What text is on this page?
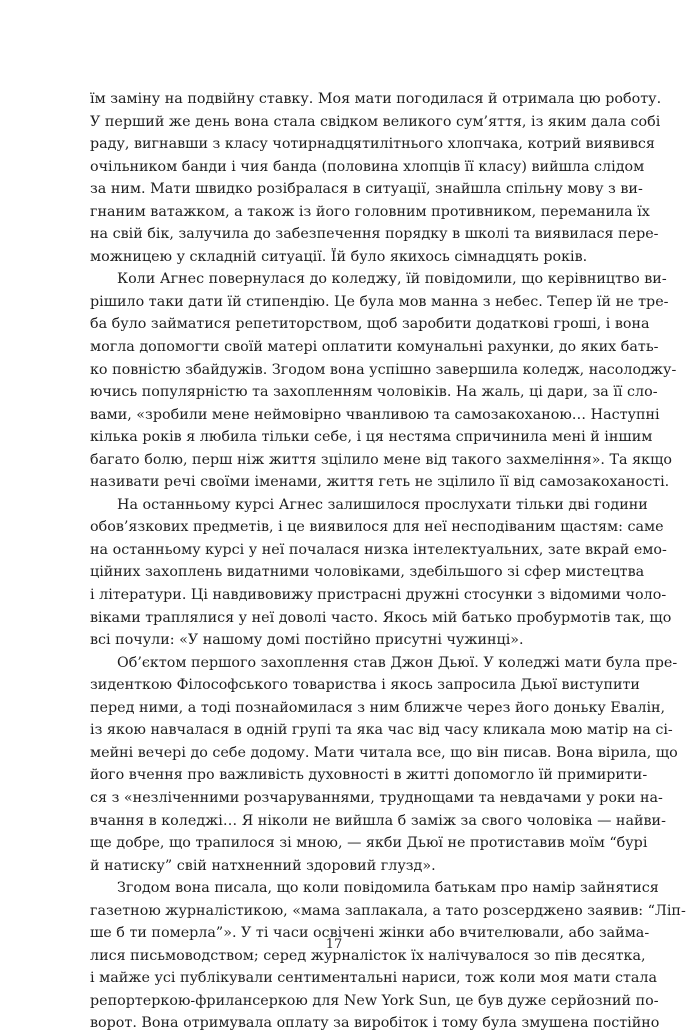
їм заміну на подвійну ставку. Моя мати погодилася й отримала цю роботу.
У перший же день вона стала свідком великого сум’яття, із яким дала собі
раду, вигнавши з класу чотирнадцятилітнього хлопчака, котрий виявився
очільником банди і чия банда (половина хлопців її класу) вийшла слідом
за ним. Мати швидко розібралася в ситуації, знайшла спільну мову з ви-
гнаним ватажком, а також із його головним противником, переманила їх
на свій бік, залучила до забезпечення порядку в школі та виявилася пере-
можницею у складній ситуації. Їй було якихось сімнадцять років.
Коли Агнес повернулася до коледжу, їй повідомили, що керівництво ви-
рішило таки дати їй стипендію. Це була мов манна з небес. Тепер їй не тре-
ба було займатися репетиторством, щоб заробити додаткові гроші, і вона
могла допомогти своїй матері оплатити комунальні рахунки, до яких бать-
ко повністю збайдужів. Згодом вона успішно завершила коледж, насолоджу-
ючись популярністю та захопленням чоловіків. На жаль, ці дари, за її сло-
вами, «зробили мене неймовірно чванливою та самозакоханою… Наступні
кілька років я любила тільки себе, і ця нестяма спричинила мені й іншим
багато болю, перш ніж життя зцілило мене від такого захмеління». Та якщо
називати речі своїми іменами, життя геть не зцілило її від самозакоханості.
На останньому курсі Агнес залишилося прослухати тільки дві години
обов’язкових предметів, і це виявилося для неї несподіваним щастям: саме
на останньому курсі у неї почалася низка інтелектуальних, зате вкрай емо-
ційних захоплень видатними чоловіками, здебільшого зі сфер мистецтва
і літератури. Ці навдивовижу пристрасні дружні стосунки з відомими чоло-
віками траплялися у неї доволі часто. Якось мій батько пробурмотів так, що
всі почули: «У нашому домі постійно присутні чужинці».
Об’єктом першого захоплення став Джон Дьюї. У коледжі мати була пре-
зиденткою Філософського товариства і якось запросила Дьюї виступити
перед ними, а тоді познайомилася з ним ближче через його доньку Евалін,
із якою навчалася в одній групі та яка час від часу кликала мою матір на сі-
мейні вечері до себе додому. Мати читала все, що він писав. Вона вірила, що
його вчення про важливість духовності в житті допомогло їй примирити-
ся з «незліченними розчаруваннями, труднощами та невдачами у роки на-
вчання в коледжі… Я ніколи не вийшла б заміж за свого чоловіка — найви-
ще добре, що трапилося зі мною, — якби Дьюї не протиставив моїм “бурі
й натиску” свій натхненний здоровий глузд».
Згодом вона писала, що коли повідомила батькам про намір зайнятися
газетною журналістикою, «мама заплакала, а тато розсерджено заявив: “Ліп-
ше б ти померла”». У ті часи освічені жінки або вчителювали, або займа-
лися письмоводством; серед журналісток їх налічувалося зо пів десятка,
і майже усі публікували сентиментальні нариси, тож коли моя мати стала
репортеркою-фрилансеркою для New York Sun, це був дуже серйозний по-
ворот. Вона отримувала оплату за виробіток і тому була змушена постійно
17
